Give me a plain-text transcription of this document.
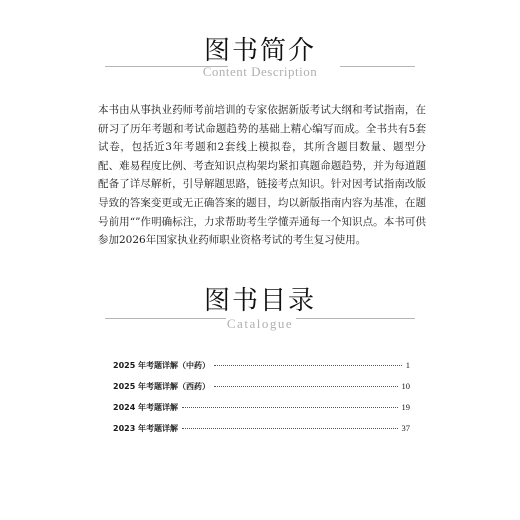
图书简介
Content Description
本书由从事执业药师考前培训的专家依据新版考试大纲和考试指南，在研习了历年考题和考试命题趋势的基础上精心编写而成。全书共有5套试卷，包括近3年考题和2套线上模拟卷，其所含题目数量、题型分配、难易程度比例、考查知识点构架均紧扣真题命题趋势，并为每道题配备了详尽解析，引导解题思路，链接考点知识。针对因考试指南改版导致的答案变更或无正确答案的题目，均以新版指南内容为基准，在题号前用“”作明确标注，力求帮助考生学懂弄通每一个知识点。本书可供参加2026年国家执业药师职业资格考试的考生复习使用。
图书目录
Catalogue
2025 年考题详解（中药）	1
2025 年考题详解（西药）	10
2024 年考题详解	19
2023 年考题详解	37
